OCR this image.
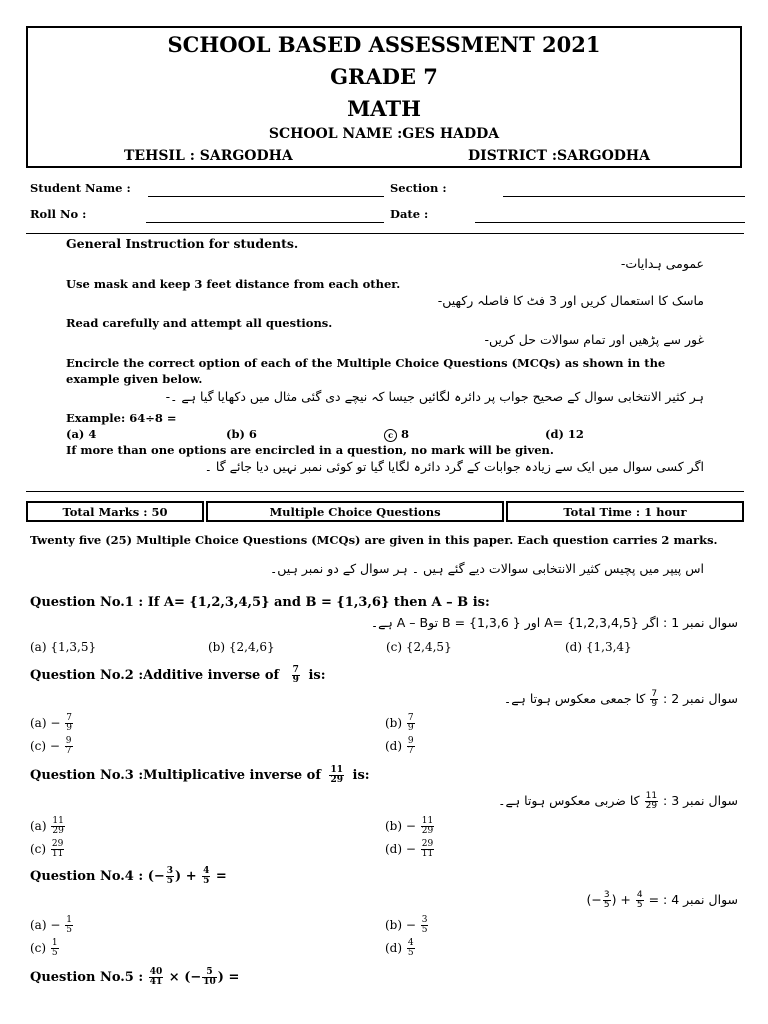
SCHOOL BASED ASSESSMENT 2021
GRADE 7
MATH
SCHOOL NAME :GES HADDA
TEHSIL : SARGODHA	DISTRICT :SARGODHA
Student Name :	Section :
Roll No :	Date :
General Instruction for students.
عمومی ہدایات-
Use mask and keep 3 feet distance from each other.
ماسک کا استعمال کریں اور 3 فٹ کا فاصلہ رکھیں-
Read carefully and attempt all questions.
غور سے پڑھیں اور تمام سوالات حل کریں-
Encircle the correct option of each of the Multiple Choice Questions (MCQs) as shown in the example given below.
ہر کثیر الانتخابی سوال کے صحیح جواب پر دائرہ لگائیں جیسا کہ نیچے دی گئی مثال میں دکھایا گیا ہے ۔-
Example: 64÷8 =
(a) 4	(b) 6	c 8	(d) 12
If more than one options are encircled in a question, no mark will be given.
اگر کسی سوال میں ایک سے زیادہ جوابات کے گرد دائرہ لگایا گیا تو کوئی نمبر نہیں دیا جائے گا ۔
Total Marks : 50	Multiple Choice Questions	Total Time : 1 hour
Twenty five (25) Multiple Choice Questions (MCQs) are given in this paper. Each question carries 2 marks.
اس پیپر میں پچیس کثیر الانتخابی سوالات دیے گئے ہیں ۔ ہر سوال کے دو نمبر ہیں۔
Question No.1 : If A= {1,2,3,4,5} and B = {1,3,6} then A – B is:
سوال نمبر 1 : اگر A= {1,2,3,4,5} اور B = {1,3,6 } توA – B ہے۔
(a) {1,3,5}	(b) {2,4,6}	(c) {2,4,5}	(d) {1,3,4}
Question No.2 :Additive inverse of $\frac{7}{9}$ is:
سوال نمبر 2 :
$\frac{7}{9}$
کا جمعی معکوس ہوتا ہے۔
$(a) - \frac{7}{9}$	$(b) \frac{7}{9}$
$(c) - \frac{9}{7}$	$(d) \frac{9}{7}$
Question No.3 :Multiplicative inverse of $\frac{11}{29}$ is:
سوال نمبر 3 :
$\frac{11}{29}$
کا ضربی معکوس ہوتا ہے۔
$(a) \frac{11}{29}$	$(b) - \frac{11}{29}$
$(c) \frac{29}{11}$	$(d) - \frac{29}{11}$
Question No.4 : (− $\frac{3}{5}$ ) + $\frac{4}{5}$ =
سوال نمبر 4 : (− $\frac{3}{5}$ ) + $\frac{4}{5}$ =
$(a) - \frac{1}{5}$	$(b) - \frac{3}{5}$
$(c) \frac{1}{5}$	$(d) \frac{4}{5}$
Question No.5 : $\frac{40}{41}$ × (− $\frac{5}{10}$ ) =
